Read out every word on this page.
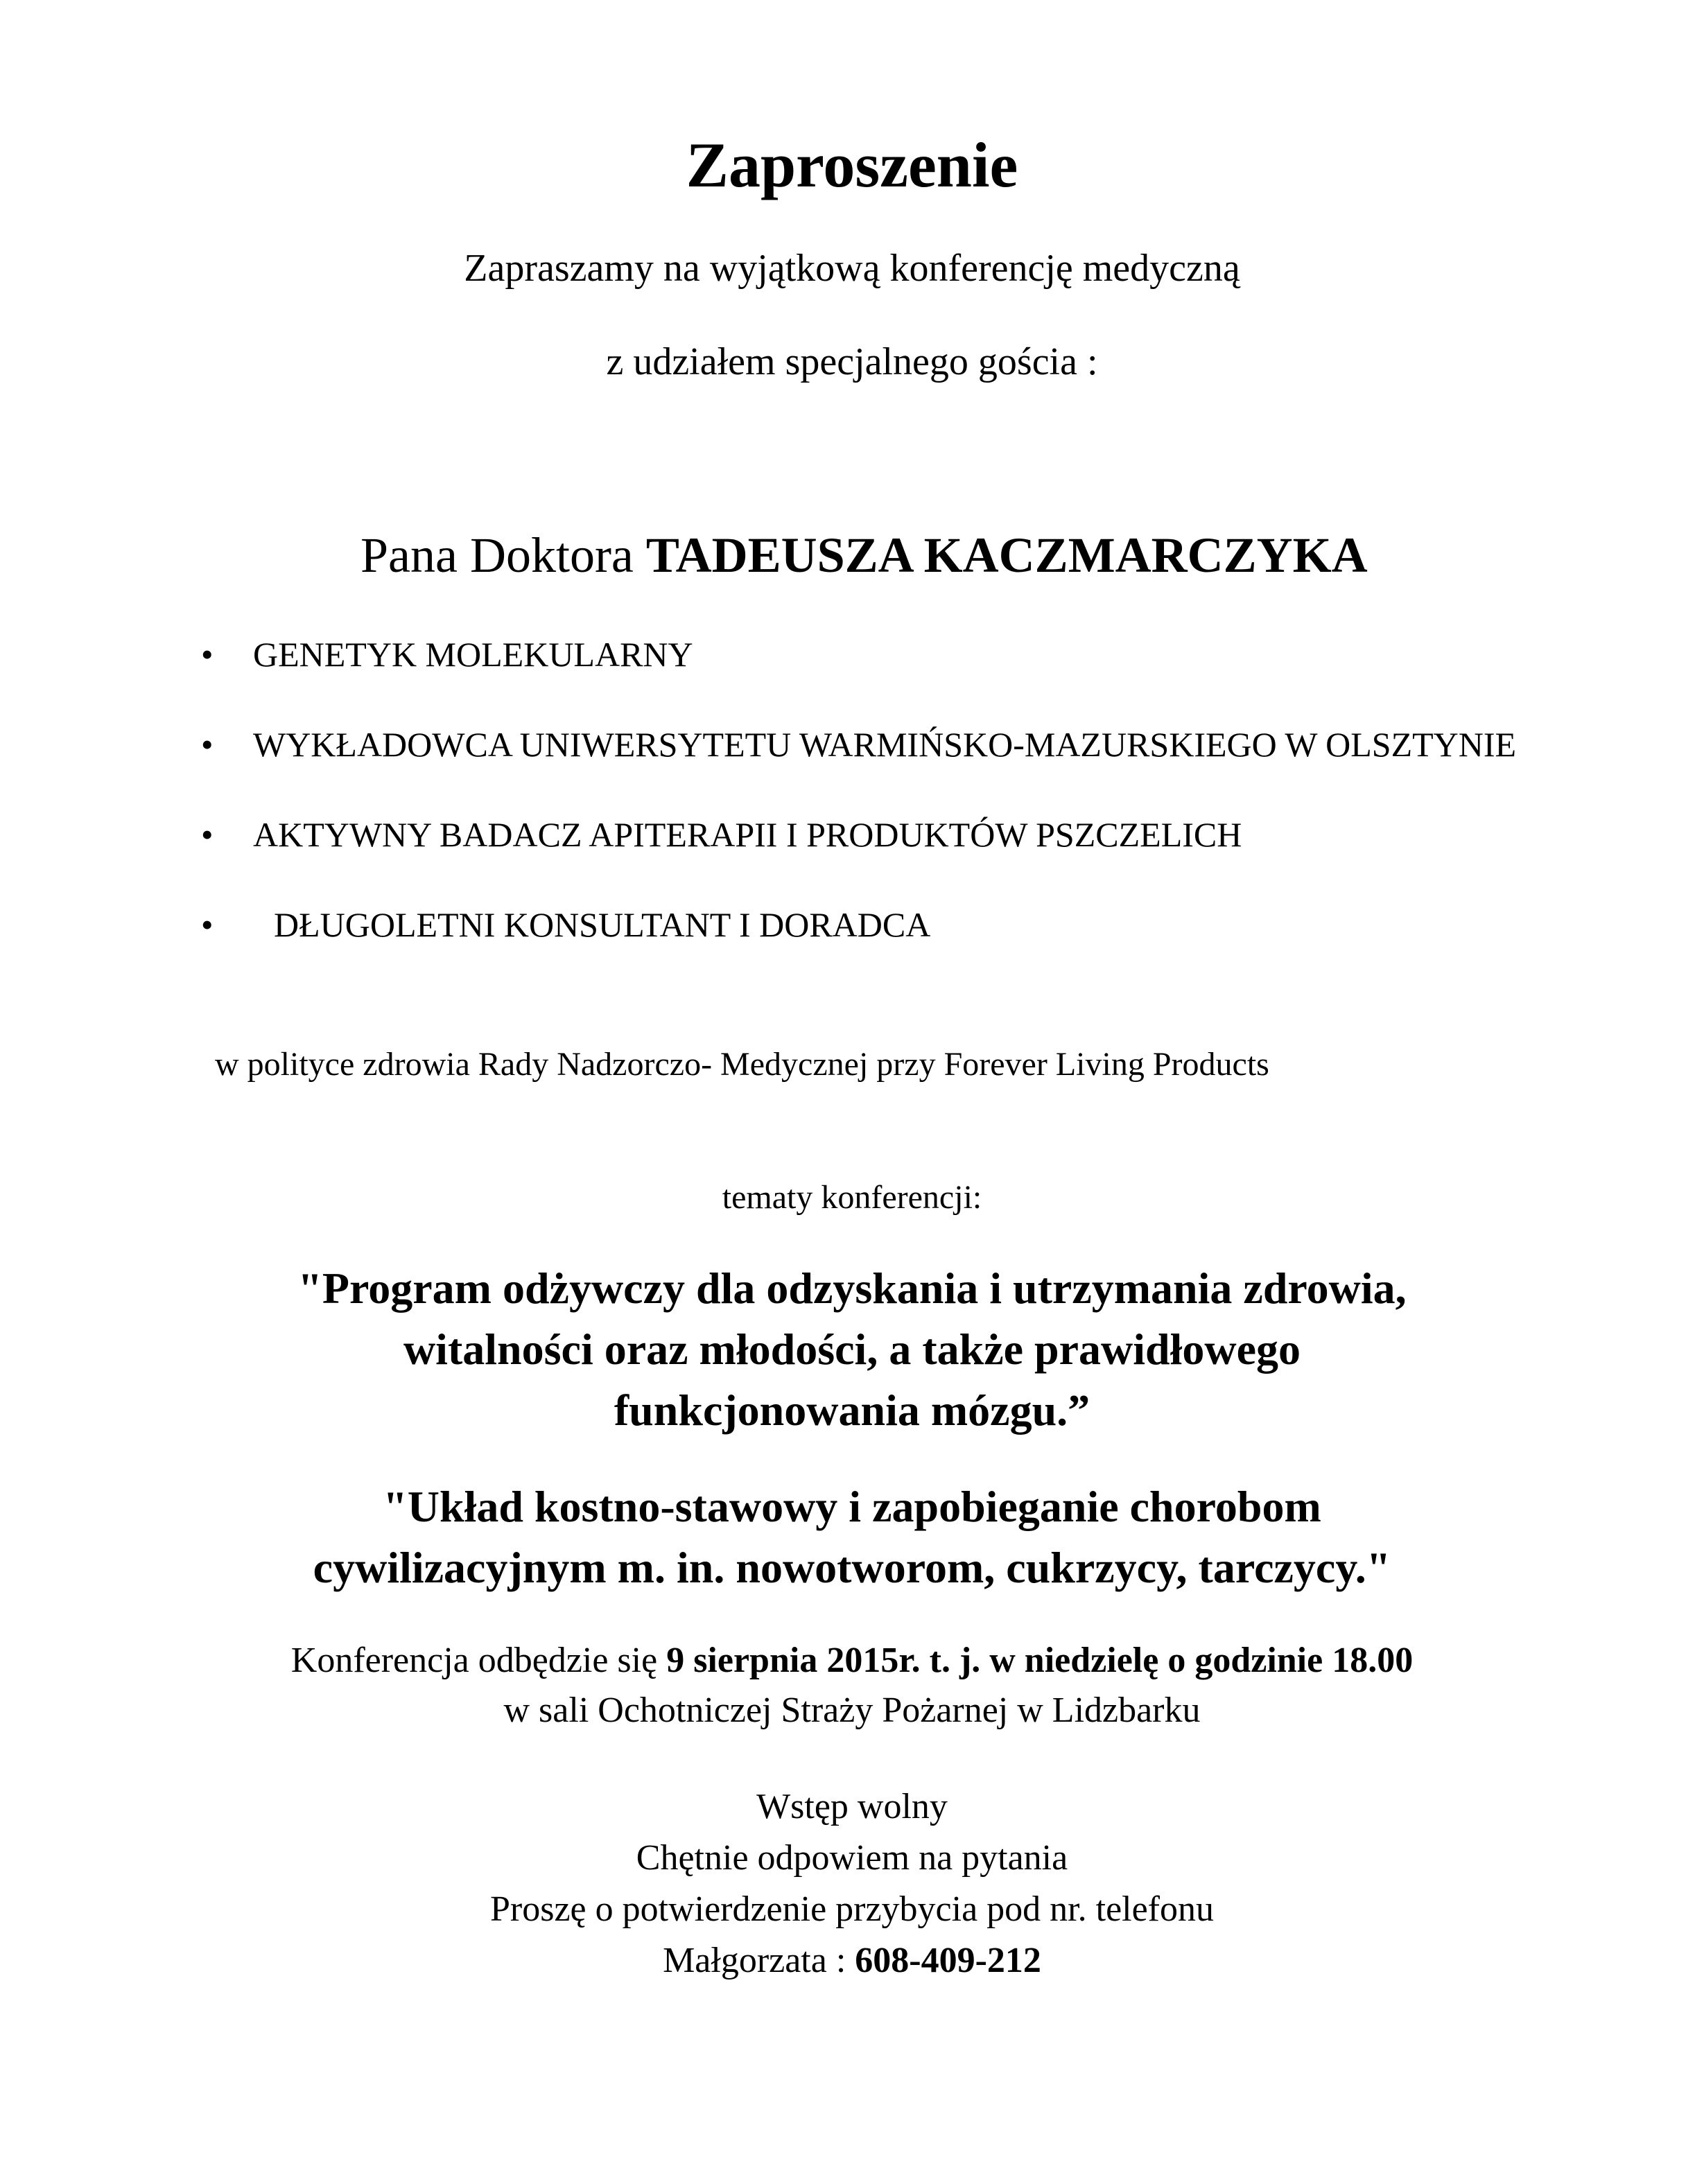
Zaproszenie
Zapraszamy na wyjątkową konferencję medyczną
z udziałem specjalnego gościa :
Pana Doktora TADEUSZA KACZMARCZYKA
• GENETYK MOLEKULARNY
• WYKŁADOWCA UNIWERSYTETU WARMIŃSKO-MAZURSKIEGO W OLSZTYNIE
• AKTYWNY BADACZ APITERAPII I PRODUKTÓW PSZCZELICH
• DŁUGOLETNI KONSULTANT I DORADCA
w polityce zdrowia Rady Nadzorczo- Medycznej przy Forever Living Products
tematy konferencji:
"Program odżywczy dla odzyskania i utrzymania zdrowia,
witalności oraz młodości, a także prawidłowego
funkcjonowania mózgu.”
"Układ kostno-stawowy i zapobieganie chorobom
cywilizacyjnym m. in. nowotworom, cukrzycy, tarczycy."
Konferencja odbędzie się 9 sierpnia 2015r. t. j. w niedzielę o godzinie 18.00
w sali Ochotniczej Straży Pożarnej w Lidzbarku
Wstęp wolny
Chętnie odpowiem na pytania
Proszę o potwierdzenie przybycia pod nr. telefonu
Małgorzata : 608-409-212
